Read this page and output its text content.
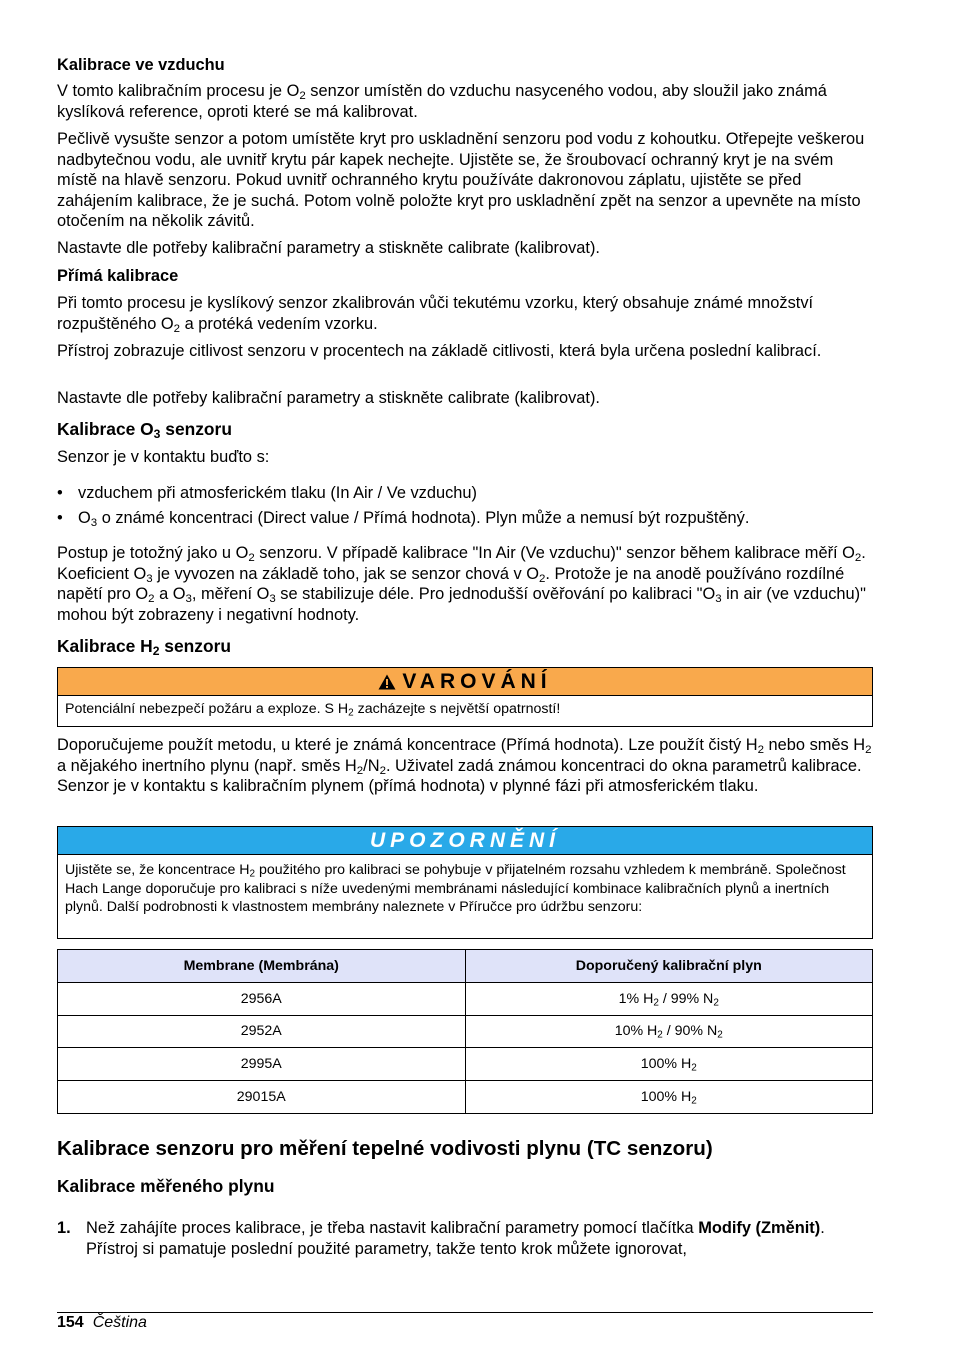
Kalibrace ve vzduchu

V tomto kalibračním procesu je $O_2$ senzor umístěn do vzduchu nasyceného vodou, aby sloužil jako známá kyslíková reference, oproti které se má kalibrovat.

Pečlivě vysušte senzor a potom umístěte kryt pro uskladnění senzoru pod vodu z kohoutku. Otřepejte veškerou nadbytečnou vodu, ale uvnitř krytu pár kapek nechejte. Ujistěte se, že šroubovací ochranný kryt je na svém místě na hlavě senzoru. Pokud uvnitř ochranného krytu používáte dakronovou záplatu, ujistěte se před zahájením kalibrace, že je suchá. Potom volně položte kryt pro uskladnění zpět na senzor a upevněte na místo otočením na několik závitů.

Nastavte dle potřeby kalibrační parametry a stiskněte calibrate (kalibrovat).

Přímá kalibrace

Při tomto procesu je kyslíkový senzor zkalibrován vůči tekutému vzorku, který obsahuje známé množství rozpuštěného $O_2$ a protéká vedením vzorku.

Přístroj zobrazuje citlivost senzoru v procentech na základě citlivosti, která byla určena poslední kalibrací.

Nastavte dle potřeby kalibrační parametry a stiskněte calibrate (kalibrovat).

Kalibrace $O_3$ senzoru

Senzor je v kontaktu buďto s:

• vzduchem při atmosferickém tlaku (In Air / Ve vzduchu)
• $O_3$ o známé koncentraci (Direct value / Přímá hodnota). Plyn může a nemusí být rozpuštěný.

Postup je totožný jako u $O_2$ senzoru. V případě kalibrace "In Air (Ve vzduchu)" senzor během kalibrace měří $O_2$. Koeficient $O_3$ je vyvozen na základě toho, jak se senzor chová v $O_2$. Protože je na anodě používáno rozdílné napětí pro $O_2$ a $O_3$, měření $O_3$ se stabilizuje déle. Pro jednodušší ověřování po kalibraci "$O_3$ in air (ve vzduchu)" mohou být zobrazeny i negativní hodnoty.

Kalibrace $H_2$ senzoru
VAROVÁNÍ
Potenciální nebezpečí požáru a exploze. S $H_2$ zacházejte s největší opatrností!

Doporučujeme použít metodu, u které je známá koncentrace (Přímá hodnota). Lze použít čistý $H_2$ nebo směs $H_2$ a nějakého inertního plynu (např. směs $H_2/N_2$. Uživatel zadá známou koncentraci do okna parametrů kalibrace. Senzor je v kontaktu s kalibračním plynem (přímá hodnota) v plynné fázi při atmosferickém tlaku.

UPOZORNĚNÍ
Ujistěte se, že koncentrace $H_2$ použitého pro kalibraci se pohybuje v přijatelném rozsahu vzhledem k membráně. Společnost Hach Lange doporučuje pro kalibraci s níže uvedenými membránami následující kombinace kalibračních plynů a inertních plynů. Další podrobnosti k vlastnostem membrány naleznete v Příručce pro údržbu senzoru:
Membrane (Membrána)	Doporučený kalibrační plyn
2956A	1% $H_2 / 99\%$ $N_2$
2952A	10% $H_2 / 90\%$ $N_2$
2995A	100% $H_2$
29015A	100% $H_2$
Kalibrace senzoru pro měření tepelné vodivosti plynu (TC senzoru)
Kalibrace měřeného plynu
1. Než zahájíte proces kalibrace, je třeba nastavit kalibrační parametry pomocí tlačítka Modify (Změnit). Přístroj si pamatuje poslední použité parametry, takže tento krok můžete ignorovat,
154 Čeština
